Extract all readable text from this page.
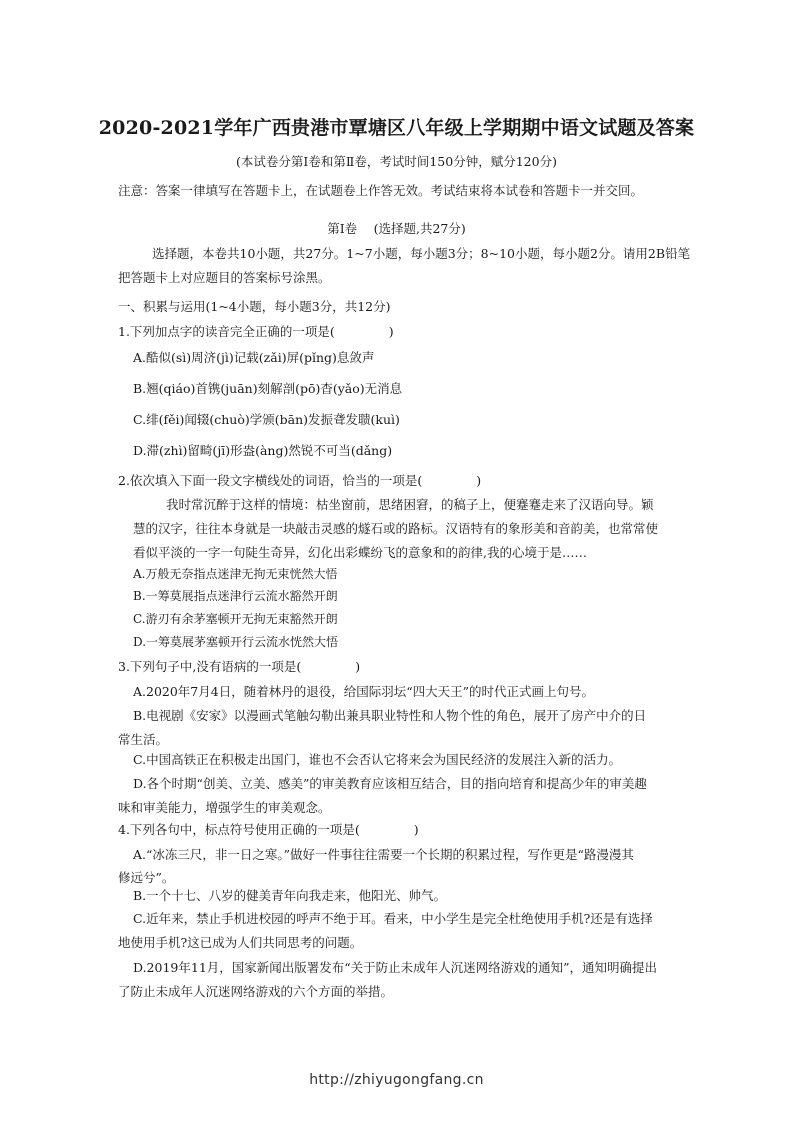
2020-2021学年广西贵港市覃塘区八年级上学期期中语文试题及答案
(本试卷分第Ⅰ卷和第Ⅱ卷，考试时间150分钟，赋分120分)
注意：答案一律填写在答题卡上，在试题卷上作答无效。考试结束将本试卷和答题卡一并交回。
第Ⅰ卷　 (选择题,共27分)
选择题，本卷共10小题，共27分。1~7小题，每小题3分；8~10小题，每小题2分。请用2B铅笔
把答题卡上对应题目的答案标号涂黑。
一、积累与运用(1~4小题，每小题3分，共12分)
1.下列加点字的读音完全正确的一项是(　　　　 )
A.酷似(sì)周济(jì)记载(zǎi)屏(pǐng)息敛声
B.翘(qiáo)首镌(juān)刻解剖(pō)杳(yǎo)无消息
C.绯(fěi)闻辍(chuò)学颁(bān)发振聋发聩(kuì)
D.滞(zhì)留畸(jī)形盎(àng)然锐不可当(dǎng)
2.依次填入下面一段文字横线处的词语，恰当的一项是(　　　　 )
我时常沉醉于这样的情境：枯坐窗前，思绪困窘，的稿子上，便蹇蹇走来了汉语向导。颖
慧的汉字，往往本身就是一块敲击灵感的燧石或的路标。汉语特有的象形美和音韵美，也常常使
看似平淡的一字一句陡生奇异，幻化出彩蝶纷飞的意象和的韵律,我的心境于是……
A.万般无奈指点迷津无拘无束恍然大悟
B.一筹莫展指点迷津行云流水豁然开朗
C.游刃有余茅塞顿开无拘无束豁然开朗
D.一筹莫展茅塞顿开行云流水恍然大悟
3.下列句子中,没有语病的一项是(　　　　 )
A.2020年7月4日，随着林丹的退役，给国际羽坛“四大天王”的时代正式画上句号。
B.电视剧《安家》以漫画式笔触勾勒出兼具职业特性和人物个性的角色，展开了房产中介的日
常生活。
C.中国高铁正在积极走出国门，谁也不会否认它将来会为国民经济的发展注入新的活力。
D.各个时期“创美、立美、感美”的审美教育应该相互结合，目的指向培育和提高少年的审美趣
味和审美能力，增强学生的审美观念。
4.下列各句中，标点符号使用正确的一项是(　　　　 )
A.“冰冻三尺，非一日之寒。”做好一件事往往需要一个长期的积累过程，写作更是“路漫漫其
修远兮”。
B.一个十七、八岁的健美青年向我走来，他阳光、帅气。
C.近年来，禁止手机进校园的呼声不绝于耳。看来，中小学生是完全杜绝使用手机?还是有选择
地使用手机?这已成为人们共同思考的问题。
D.2019年11月，国家新闻出版署发布“关于防止未成年人沉迷网络游戏的通知”，通知明确提出
了防止未成年人沉迷网络游戏的六个方面的举措。
http://zhiyugongfang.cn
